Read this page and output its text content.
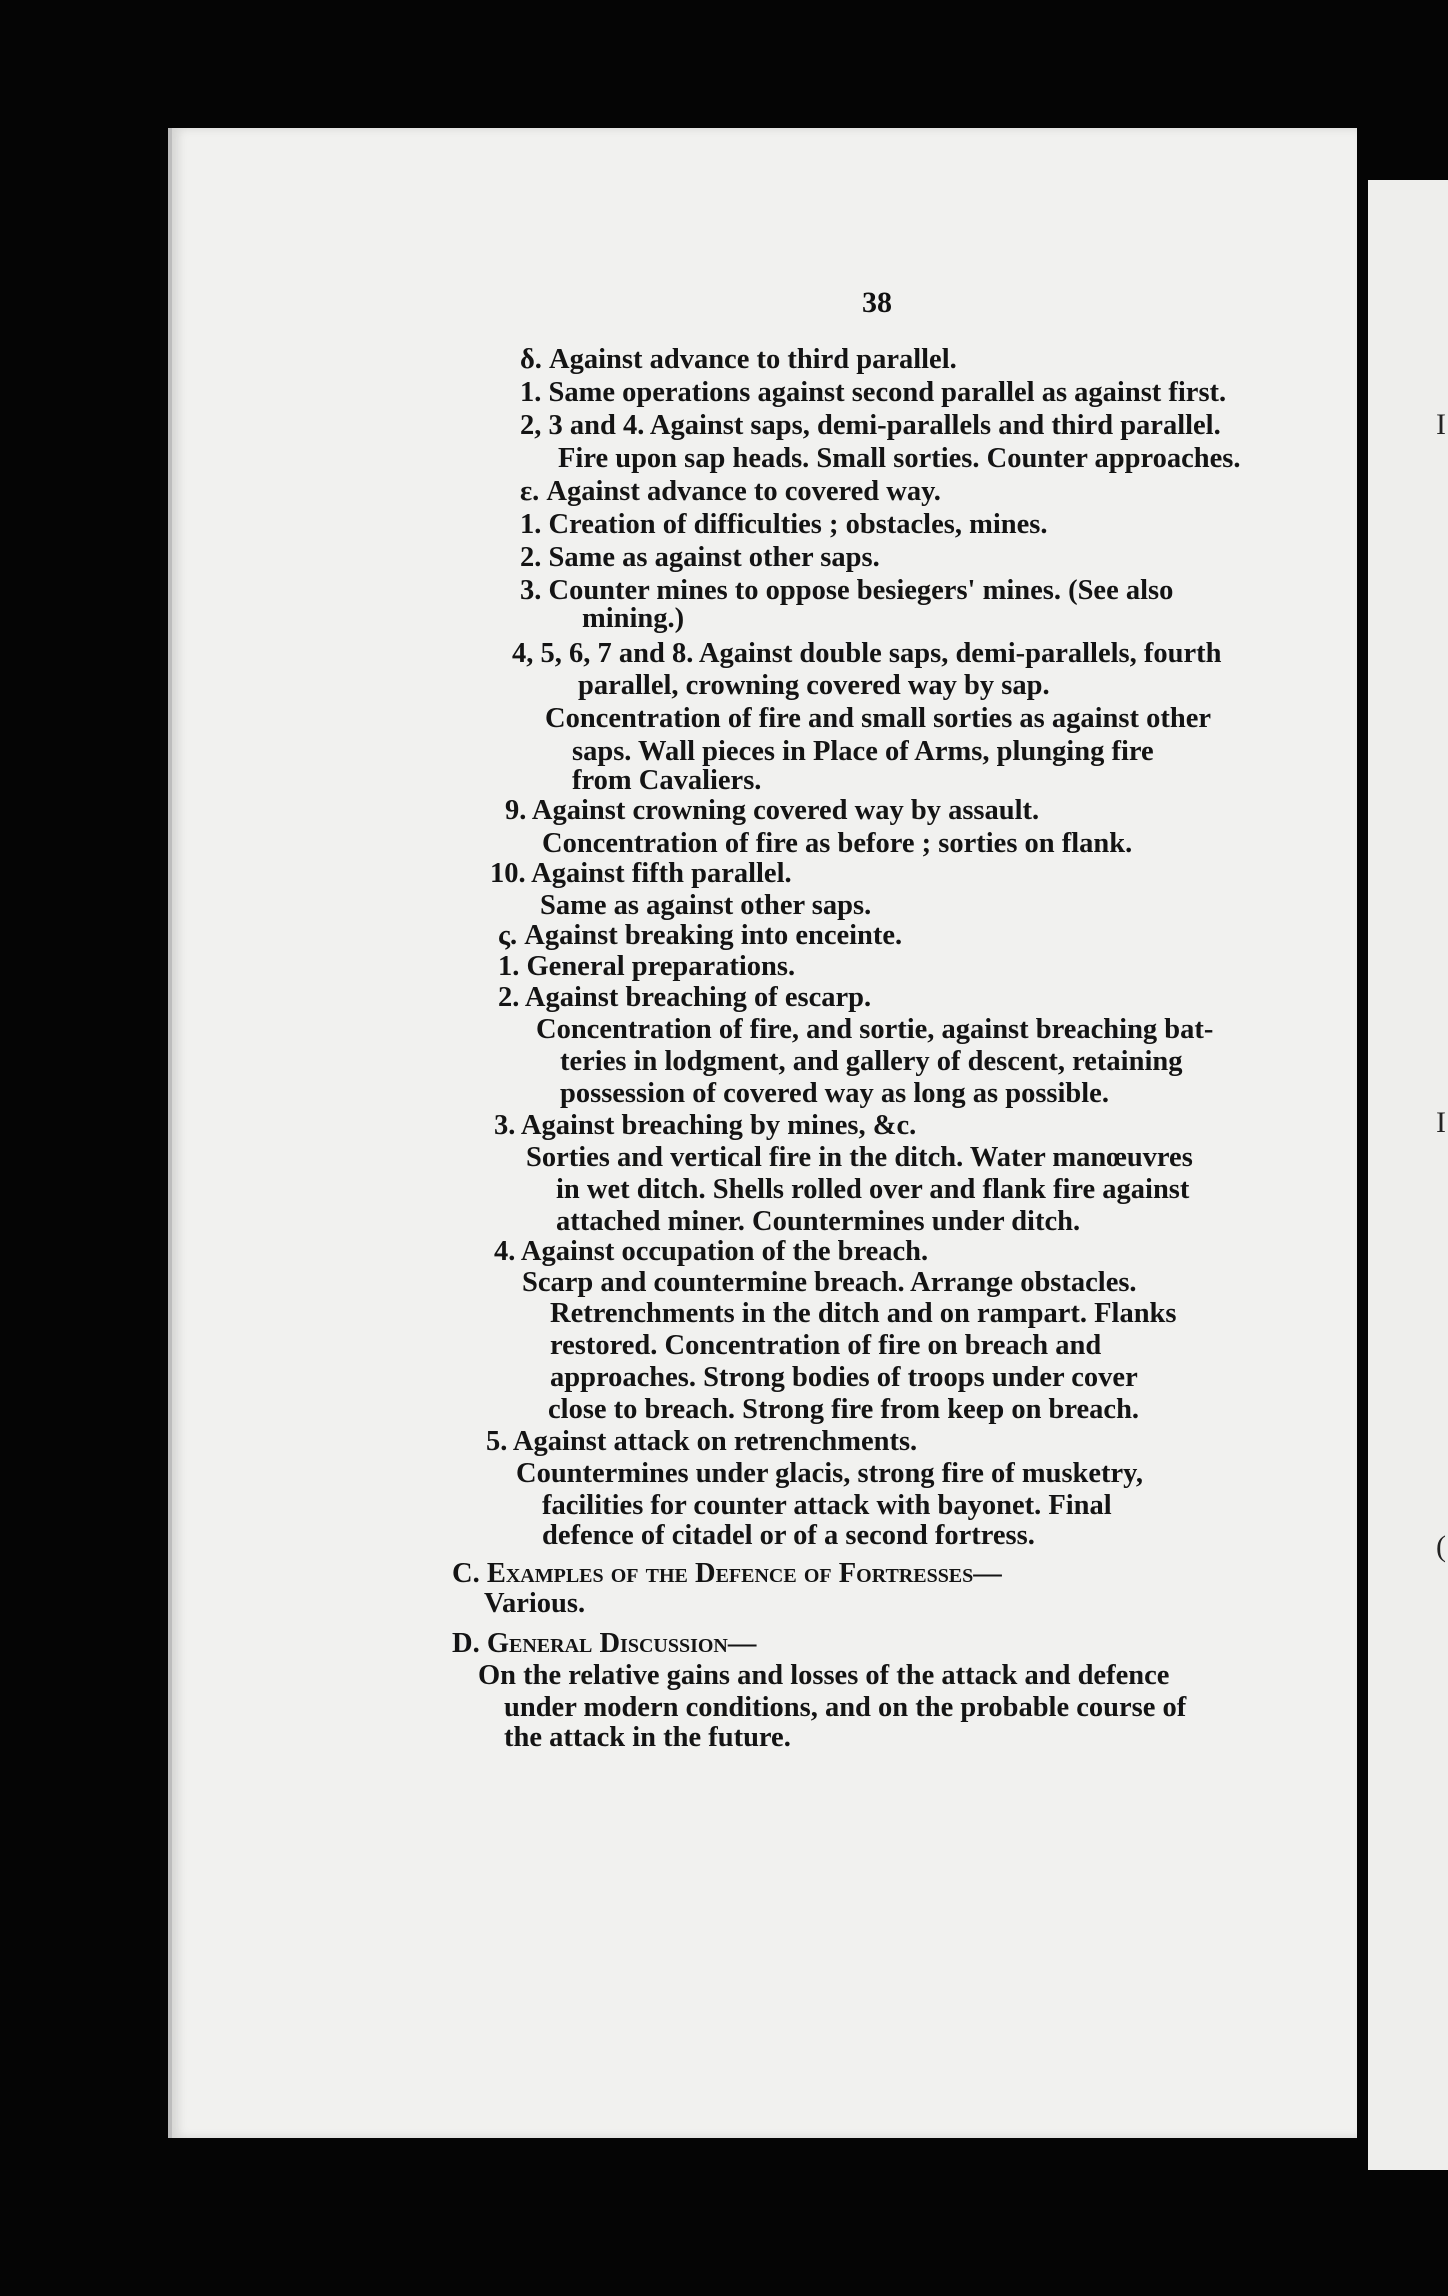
I
I
(
38
δ. Against advance to third parallel.
1. Same operations against second parallel as against first.
2, 3 and 4. Against saps, demi-parallels and third parallel.
Fire upon sap heads. Small sorties. Counter approaches.
ε. Against advance to covered way.
1. Creation of difficulties ; obstacles, mines.
2. Same as against other saps.
3. Counter mines to oppose besiegers' mines. (See also
mining.)
4, 5, 6, 7 and 8. Against double saps, demi-parallels, fourth
parallel, crowning covered way by sap.
Concentration of fire and small sorties as against other
saps. Wall pieces in Place of Arms, plunging fire
from Cavaliers.
9. Against crowning covered way by assault.
Concentration of fire as before ; sorties on flank.
10. Against fifth parallel.
Same as against other saps.
ς. Against breaking into enceinte.
1. General preparations.
2. Against breaching of escarp.
Concentration of fire, and sortie, against breaching bat-
teries in lodgment, and gallery of descent, retaining
possession of covered way as long as possible.
3. Against breaching by mines, &c.
Sorties and vertical fire in the ditch. Water manœuvres
in wet ditch. Shells rolled over and flank fire against
attached miner. Countermines under ditch.
4. Against occupation of the breach.
Scarp and countermine breach. Arrange obstacles.
Retrenchments in the ditch and on rampart. Flanks
restored. Concentration of fire on breach and
approaches. Strong bodies of troops under cover
close to breach. Strong fire from keep on breach.
5. Against attack on retrenchments.
Countermines under glacis, strong fire of musketry,
facilities for counter attack with bayonet. Final
defence of citadel or of a second fortress.
C. Examples of the Defence of Fortresses—
Various.
D. General Discussion—
On the relative gains and losses of the attack and defence
under modern conditions, and on the probable course of
the attack in the future.
